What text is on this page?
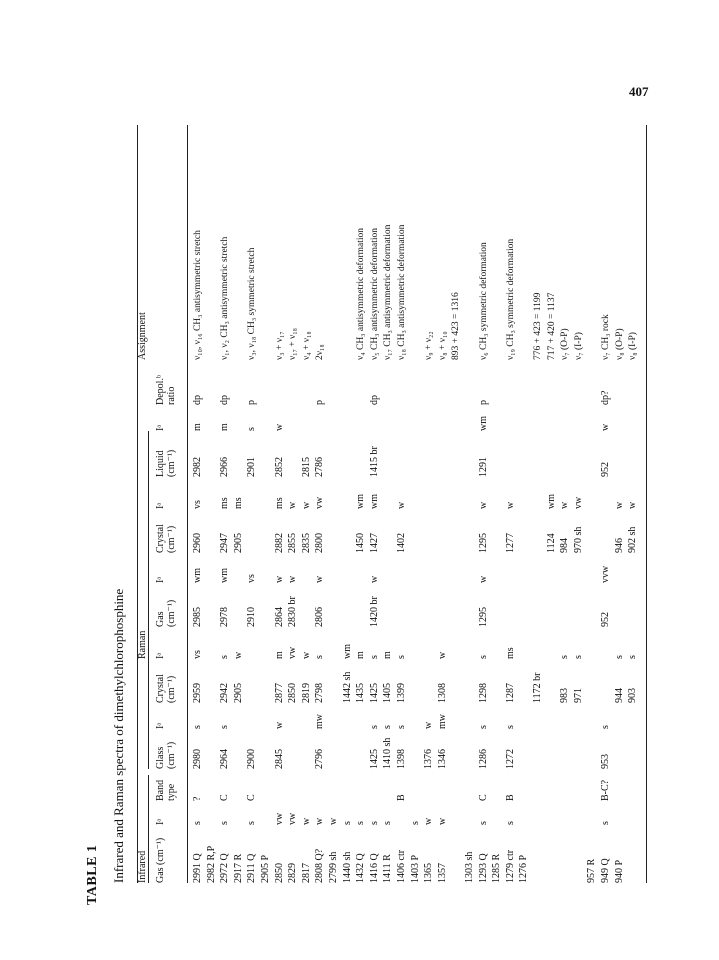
407
TABLE 1 Infrared and Raman spectra of dimethylchlorophosphine Infrared
Raman
Assignment
Gas (cm⁻¹)
Iᵃ
Band type
Glass (cm⁻¹)
Iᵃ
Crystal (cm⁻¹)
Iᵃ
Gas (cm⁻¹)
Iᵃ
Crystal (cm⁻¹)
Iᵃ
Liquid (cm⁻¹)
Iᵃ
Depol.ᵇ ratio
2991 Q
s
?
2980
s
2959
vs
2985
wm
2960
vs
2982
m
dp
ν₁₀, ν₁₆ CH₃ antisymmetric stretch
2982 R,P 2972 Q
s
C
2964
s
2942
s
2978
wm
2947
ms
2966
m
dp
ν₁, ν₂ CH₃ antisymmetric stretch
2917 R
2905
w
2905
ms
2911 Q
s
C
2900
2910
vs
2901
s
p
ν₃, ν₁₈ CH₃ symmetric stretch
2905 P 2850
vw
2845
w
2877
m
2864
w
2882
ms
2852
w
ν₃ + ν₁₇
2829
vw
2850
vw
2830 br
w
2855
w
ν₁₇ + ν₁₈
2817
w
2819
w
2835
w
2815
ν₄ + ν₁₈
2808 Q?
w
2796
mw
2798
s
2806
w
2800
vw
2786
p
2ν₁₈
2799 sh
w
1440 sh
s
1442 sh
wm
1432 Q
s
1435
m
1450
wm
ν₄ CH₃ antisymmetric deformation
1416 Q
s
1425
s
1425
s
1420 br
w
1427
wm
1415 br
dp
ν₅ CH₃ antisymmetric deformation
1411 R
s
1410 sh
s
1405
m
ν₁₇ CH₃ antisymmetric deformation
1406 ctr
B
1398
s
1399
s
1402
w
ν₁₈ CH₃ antisymmetric deformation
1403 P
s
1365
w
1376
w
ν₉ + ν₂₂
1357
w
1346
mw
1308
w
ν₈ + ν₁₀ 893 + 423 = 1316
1303 sh 1293 Q
s
C
1286
s
1298
s
1295
w
1295
w
1291
wm
p
ν₆ CH₃ symmetric deformation
1285 R 1279 ctr
s
B
1272
s
1287
ms
1277
w
ν₁₉ CH₃ symmetric deformation
1276 P
1172 br
776 + 423 = 1199
1124
wm
717 + 420 = 1137
983
s
984
w
ν₇ (O-P)
971
s
970 sh
vw
ν₇ (I-P)
957 R 949 Q
s
B-C?
953
s
952
vvw
952
w
dp?
ν₇ CH₃ rock
940 P
944
s
946
w
ν₈ (O-P)
903
s
902 sh
w
ν₈ (I-P)
